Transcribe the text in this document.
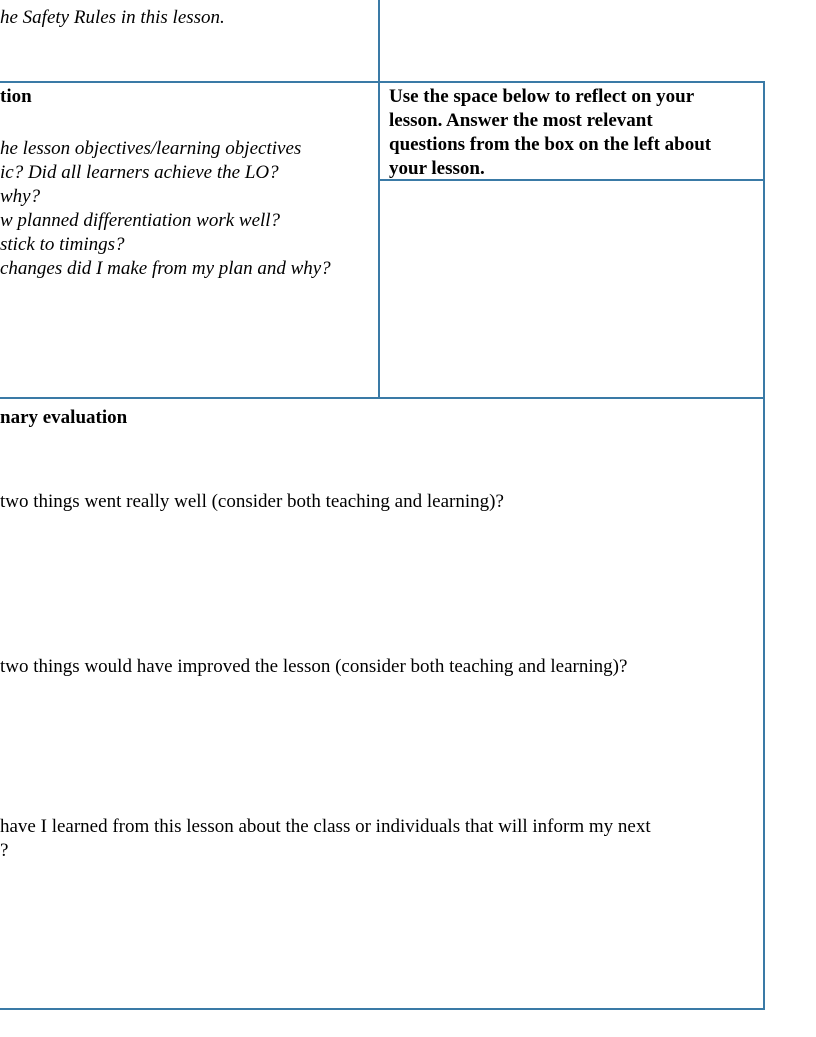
he Safety Rules in this lesson.
tion
he lesson objectives/learning objectives
ic? Did all learners achieve the LO?
why?
w planned differentiation work well?
stick to timings?
changes did I make from my plan and why?
Use the space below to reflect on your
lesson. Answer the most relevant
questions from the box on the left about
your lesson.
nary evaluation
two things went really well (consider both teaching and learning)?
two things would have improved the lesson (consider both teaching and learning)?
have I learned from this lesson about the class or individuals that will inform my next
?
